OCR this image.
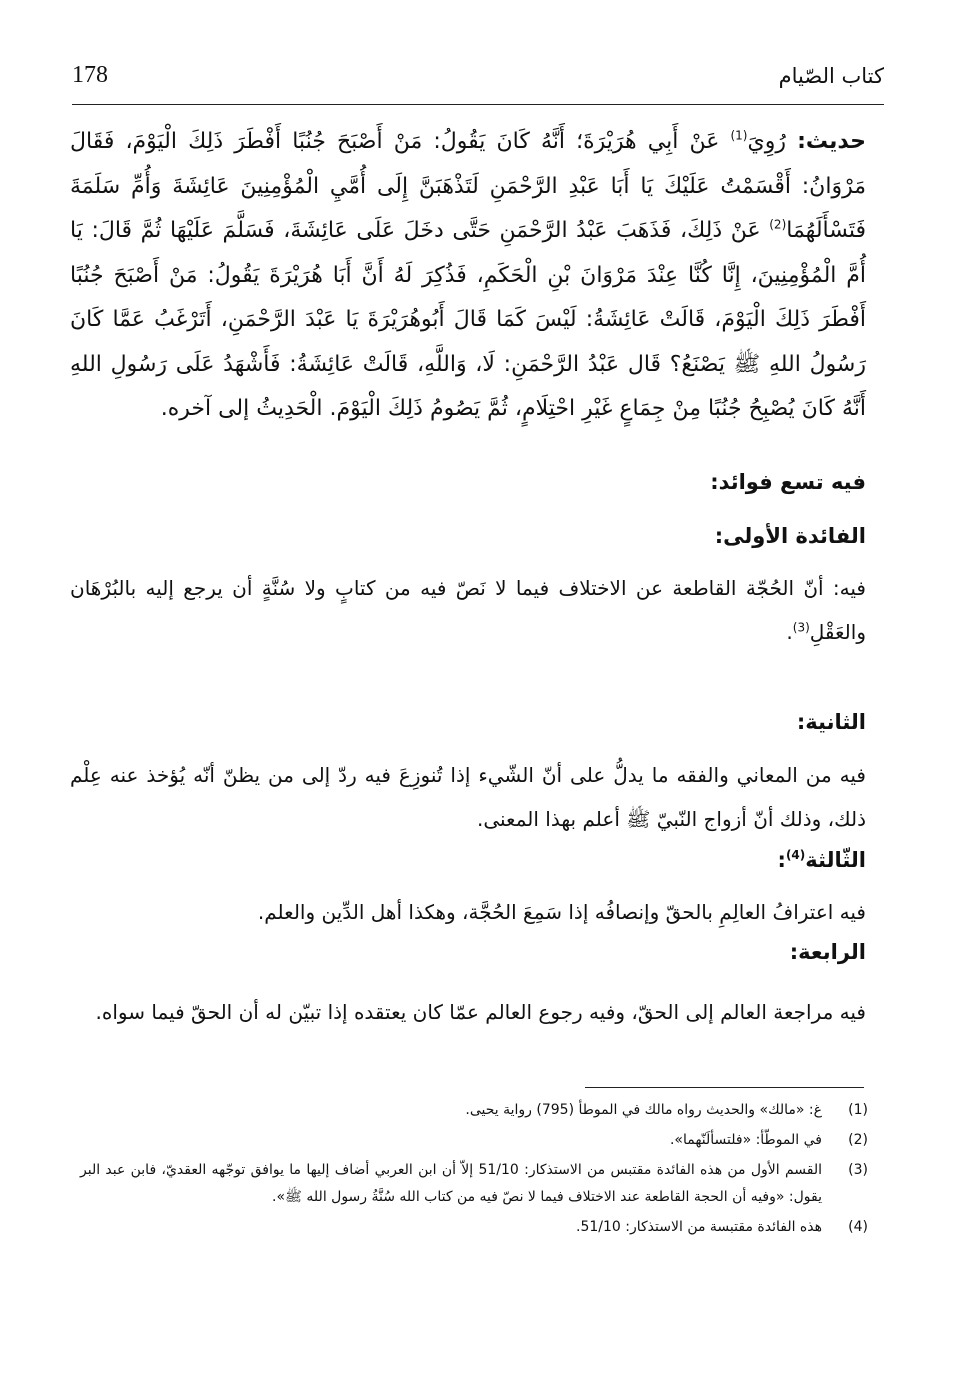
178	كتاب الصّيام
حديث: رُوِيَ$^{(1)}$ عَنْ أَبِي هُرَيْرَةَ؛ أَنَّهُ كَانَ يَقُولُ: مَنْ أَصْبَحَ جُنُبًا أَفْطَرَ ذَلِكَ الْيَوْمَ، فَقَالَ مَرْوَانُ: أَقْسَمْتُ عَلَيْكَ يَا أَبَا عَبْدِ الرَّحْمَنِ لَتَذْهَبَنَّ إِلَى أُمَّيِ الْمُؤْمِنِينَ عَائِشَةَ وَأُمِّ سَلَمَةَ فَتَسْأَلَهُمَا$^{(2)}$ عَنْ ذَلِكَ، فَذَهَبَ عَبْدُ الرَّحْمَنِ حَتَّى دخَلَ عَلَى عَائِشَةَ، فَسَلَّمَ عَلَيْهَا ثُمَّ قَالَ: يَا أُمَّ الْمُؤْمِنِينَ، إِنَّا كُنَّا عِنْدَ مَرْوَانَ بْنِ الْحَكَمِ، فَذُكِرَ لَهُ أَنَّ أَبَا هُرَيْرَةَ يَقُولُ: مَنْ أَصْبَحَ جُنُبًا أَفْطَرَ ذَلِكَ الْيَوْمَ، قَالَتْ عَائِشَةُ: لَيْسَ كَمَا قَالَ أَبُوهُرَيْرَةَ يَا عَبْدَ الرَّحْمَنِ، أَتَرْغَبُ عَمَّا كَانَ رَسُولُ اللهِ ﷺ يَصْنَعُ؟ قَال عَبْدُ الرَّحْمَنِ: لَا، وَاللَّهِ، قَالَتْ عَائِشَةُ: فَأَشْهَدُ عَلَى رَسُولِ اللهِ أَنَّهُ كَانَ يُصْبِحُ جُنُبًا مِنْ جِمَاعٍ غَيْرِ احْتِلَامٍ، ثُمَّ يَصُومُ ذَلِكَ الْيَوْمَ. الْحَدِيثُ إلى آخره.
فيه تسع فوائد:
الفائدة الأولى:
فيه: أنّ الحُجّة القاطعة عن الاختلاف فيما لا نَصّ فيه من كتابٍ ولا سُنَّةٍ أن يرجع إليه بالبُرْهَان والعَقْلِ$^{(3)}$.
الثانية:
فيه من المعاني والفقه ما يدلُّ على أنّ الشّيء إذا تُنوزِعَ فيه ردّ إلى من يظنّ أنّه يُؤخذ عنه عِلْم ذلك، وذلك أنّ أزواج النّبيّ ﷺ أعلم بهذا المعنى.
الثّالثة$^{(4)}$:
فيه اعترافُ العالِمِ بالحقّ وإنصافُه إذا سَمِعَ الحُجَّة، وهكذا أهل الدِّين والعلم.
الرابعة:
فيه مراجعة العالم إلى الحقّ، وفيه رجوع العالم عمّا كان يعتقده إذا تبيّن له أن الحقّ فيما سواه.
(1)
غ: «مالك» والحديث رواه مالك في الموطأ (795) رواية يحيى.
(2)
في الموطّأ: «فلتسألَنّهما».
(3)
القسم الأول من هذه الفائدة مقتبس من الاستذكار: 51/10 إلاّ أن ابن العربي أضاف إليها ما يوافق توجّهه العقديّ، فابن عبد البر يقول: «وفيه أن الحجة القاطعة عند الاختلاف فيما لا نصّ فيه من كتاب الله سُنَّةُ رسول الله ﷺ».
(4)
هذه الفائدة مقتبسة من الاستذكار: 51/10.
